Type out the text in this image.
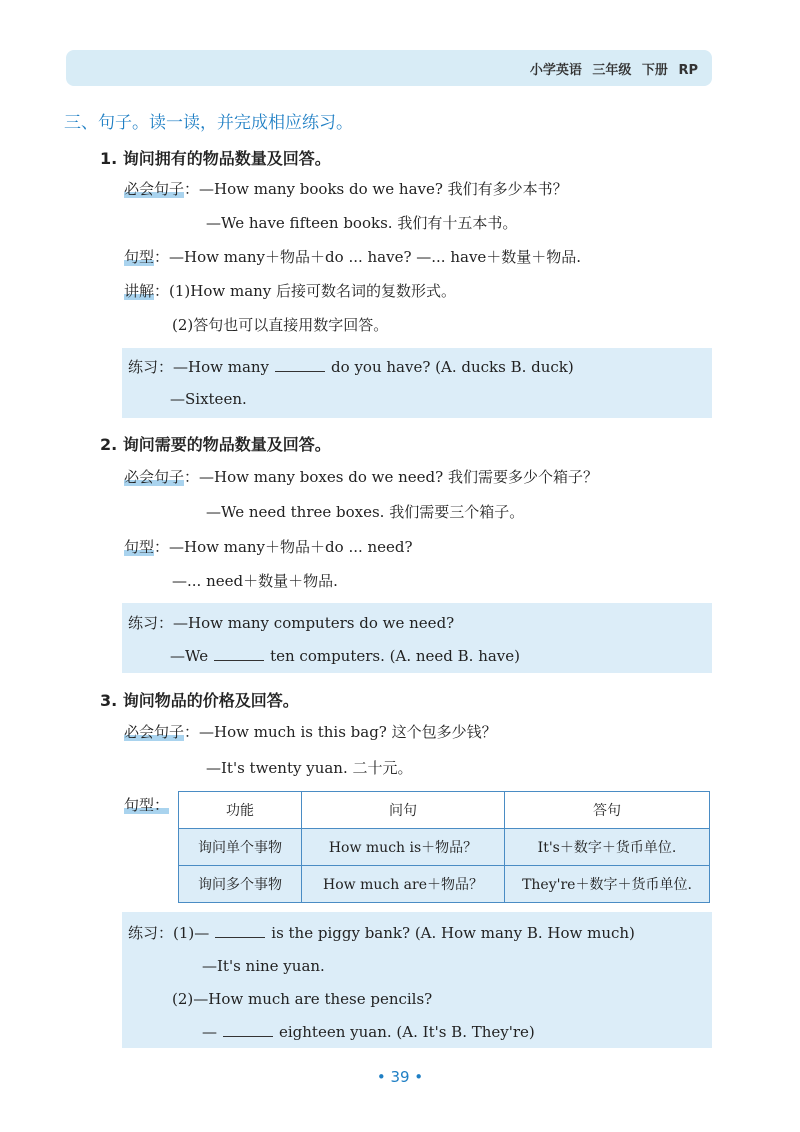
小学英语 三年级 下册 RP
三、句子。读一读，并完成相应练习。
1. 询问拥有的物品数量及回答。
必会句子：—How many books do we have? 我们有多少本书？
—We have fifteen books. 我们有十五本书。
句型：—How many＋物品＋do ... have? —... have＋数量＋物品.
讲解：(1)How many 后接可数名词的复数形式。
(2)答句也可以直接用数字回答。
练习：—How many	do you have? (A. ducks B. duck)
—Sixteen.
2. 询问需要的物品数量及回答。
必会句子：—How many boxes do we need? 我们需要多少个箱子？
—We need three boxes. 我们需要三个箱子。
句型：—How many＋物品＋do ... need?
—... need＋数量＋物品.
练习：—How many computers do we need?
—We	ten computers. (A. need B. have)
3. 询问物品的价格及回答。
必会句子：—How much is this bag? 这个包多少钱？
—It's twenty yuan. 二十元。
句型：	功能	问句	答句
询问单个事物	How much is＋物品？	It's＋数字＋货币单位.
询问多个事物	How much are＋物品？	They're＋数字＋货币单位.
练习：(1)—	is the piggy bank? (A. How many B. How much)
—It's nine yuan.
(2)—How much are these pencils?
—	eighteen yuan. (A. It's B. They're)
• 39 •
